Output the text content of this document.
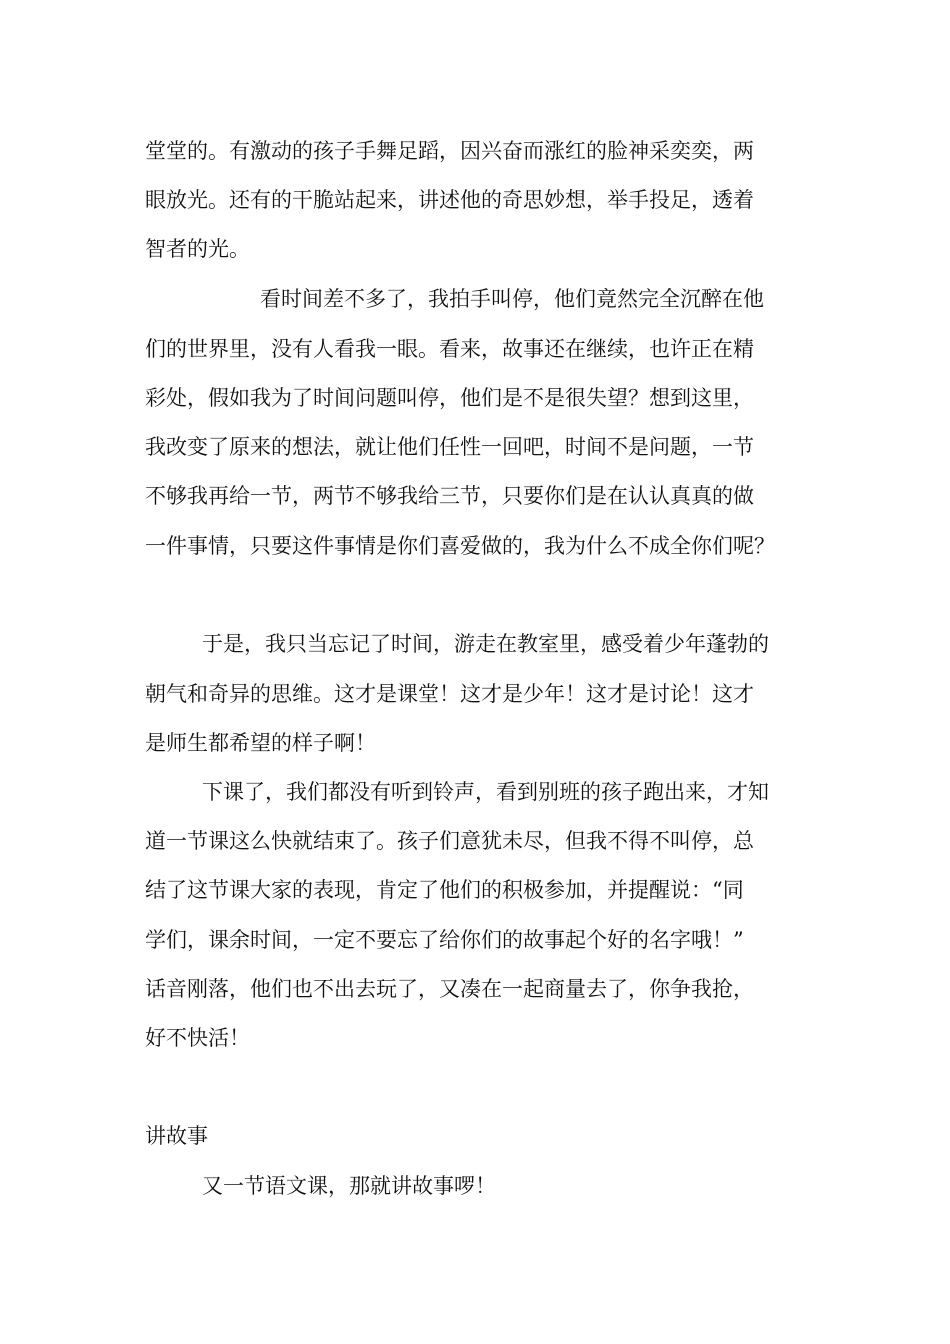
堂堂的。有激动的孩子手舞足蹈，因兴奋而涨红的脸神采奕奕，两
眼放光。还有的干脆站起来，讲述他的奇思妙想，举手投足，透着
智者的光。
看时间差不多了，我拍手叫停，他们竟然完全沉醉在他
们的世界里，没有人看我一眼。看来，故事还在继续，也许正在精
彩处，假如我为了时间问题叫停，他们是不是很失望？想到这里，
我改变了原来的想法，就让他们任性一回吧，时间不是问题，一节
不够我再给一节，两节不够我给三节，只要你们是在认认真真的做
一件事情，只要这件事情是你们喜爱做的，我为什么不成全你们呢？
于是，我只当忘记了时间，游走在教室里，感受着少年蓬勃的
朝气和奇异的思维。这才是课堂！这才是少年！这才是讨论！这才
是师生都希望的样子啊！
下课了，我们都没有听到铃声，看到别班的孩子跑出来，才知
道一节课这么快就结束了。孩子们意犹未尽，但我不得不叫停，总
结了这节课大家的表现，肯定了他们的积极参加，并提醒说：“同
学们，课余时间，一定不要忘了给你们的故事起个好的名字哦！”
话音刚落，他们也不出去玩了，又凑在一起商量去了，你争我抢，
好不快活！
讲故事
又一节语文课，那就讲故事啰！
